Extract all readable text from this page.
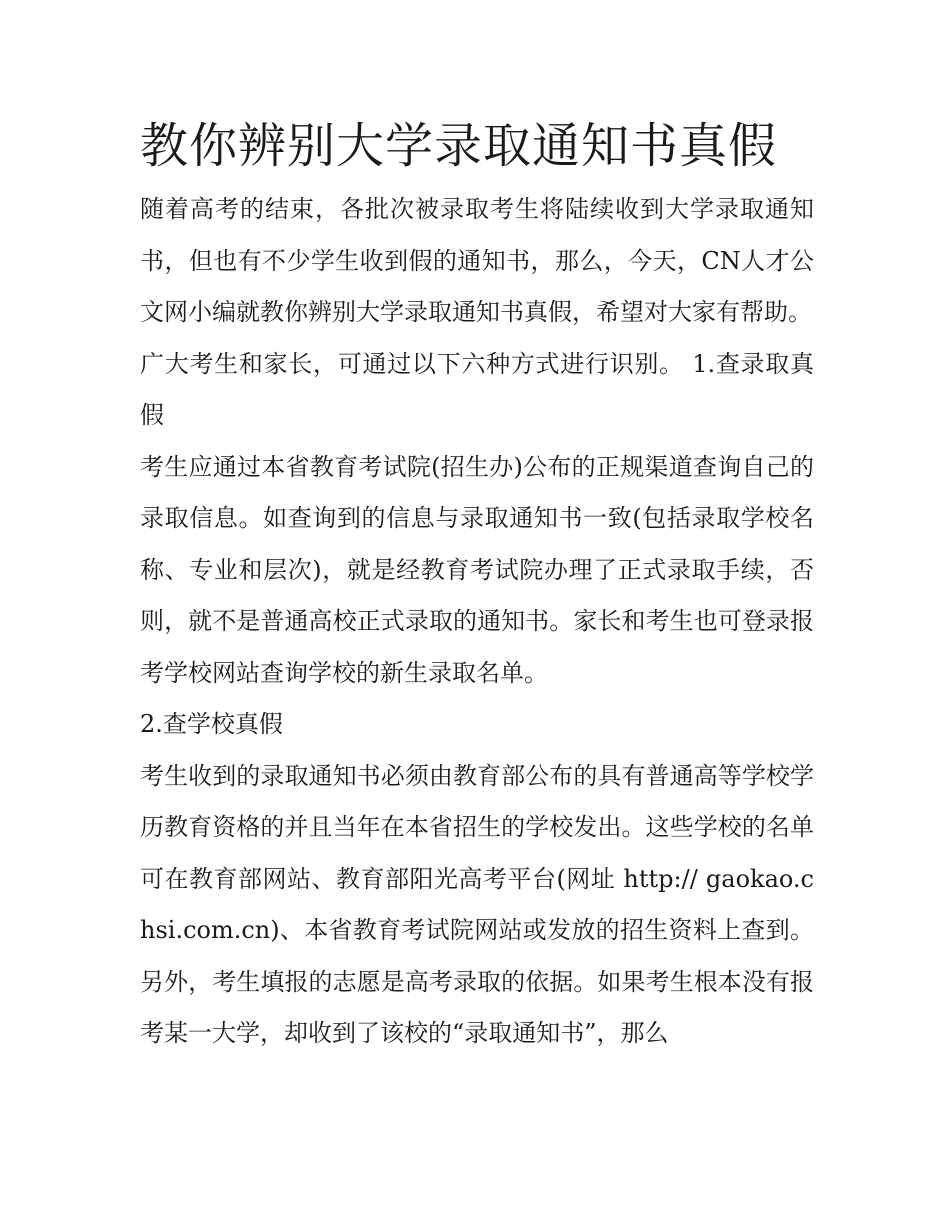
教你辨别大学录取通知书真假

随着高考的结束，各批次被录取考生将陆续收到大学录取通知书，但也有不少学生收到假的通知书，那么，今天，CN人才公文网小编就教你辨别大学录取通知书真假，希望对大家有帮助。

广大考生和家长，可通过以下六种方式进行识别。 1.查录取真假

考生应通过本省教育考试院(招生办)公布的正规渠道查询自己的录取信息。如查询到的信息与录取通知书一致(包括录取学校名称、专业和层次)，就是经教育考试院办理了正式录取手续，否则，就不是普通高校正式录取的通知书。家长和考生也可登录报考学校网站查询学校的新生录取名单。

2.查学校真假

考生收到的录取通知书必须由教育部公布的具有普通高等学校学历教育资格的并且当年在本省招生的学校发出。这些学校的名单可在教育部网站、教育部阳光高考平台(网址 http:// gaokao.chsi.com.cn)、本省教育考试院网站或发放的招生资料上查到。另外，考生填报的志愿是高考录取的依据。如果考生根本没有报考某一大学，却收到了该校的“录取通知书”，那么
